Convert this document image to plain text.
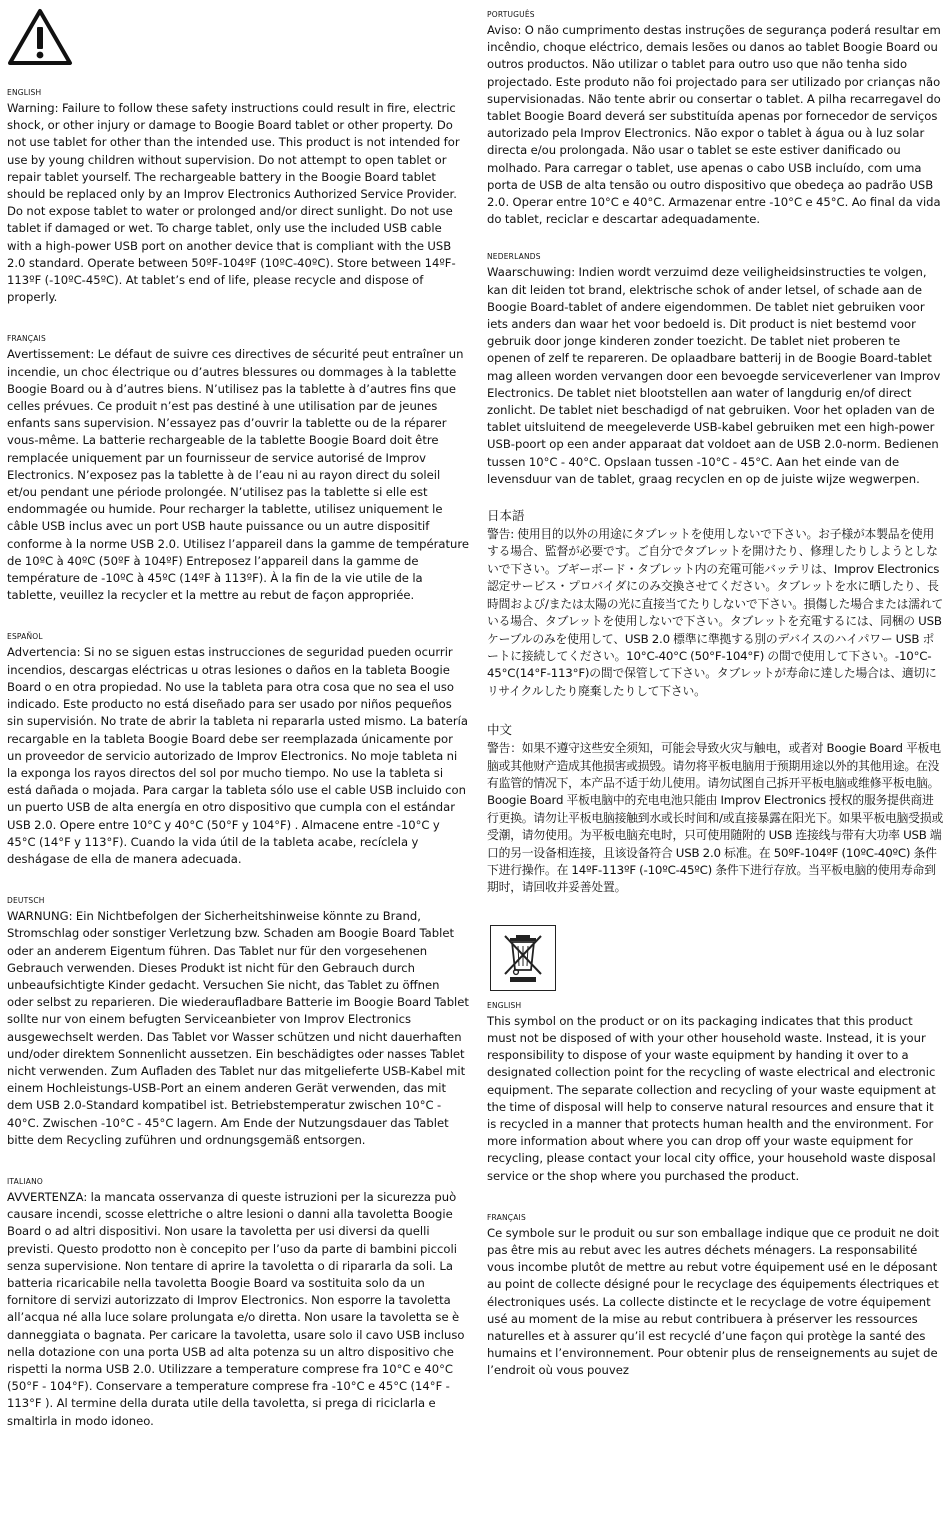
ENGLISH

Warning: Failure to follow these safety instructions could result in fire, electric shock, or other injury or damage to Boogie Board tablet or other property. Do not use tablet for other than the intended use. This product is not intended for use by young children without supervision. Do not attempt to open tablet or repair tablet yourself. The rechargeable battery in the Boogie Board tablet should be replaced only by an Improv Electronics Authorized Service Provider. Do not expose tablet to water or prolonged and/or direct sunlight. Do not use tablet if damaged or wet. To charge tablet, only use the included USB cable with a high-power USB port on another device that is compliant with the USB 2.0 standard. Operate between 50ºF-104ºF (10ºC-40ºC). Store between 14ºF-113ºF (-10ºC-45ºC). At tablet’s end of life, please recycle and dispose of properly.

FRANÇAIS

Avertissement: Le défaut de suivre ces directives de sécurité peut entraîner un incendie, un choc électrique ou d’autres blessures ou dommages à la tablette Boogie Board ou à d’autres biens. N’utilisez pas la tablette à d’autres fins que celles prévues. Ce produit n’est pas destiné à une utilisation par de jeunes enfants sans supervision. N’essayez pas d’ouvrir la tablette ou de la réparer vous-même. La batterie rechargeable de la tablette Boogie Board doit être remplacée uniquement par un fournisseur de service autorisé de Improv Electronics. N’exposez pas la tablette à de l’eau ni au rayon direct du soleil et/ou pendant une période prolongée. N’utilisez pas la tablette si elle est endommagée ou humide. Pour recharger la tablette, utilisez uniquement le câble USB inclus avec un port USB haute puissance ou un autre dispositif conforme à la norme USB 2.0. Utilisez l’appareil dans la gamme de température de 10ºC à 40ºC (50ºF à 104ºF) Entreposez l’appareil dans la gamme de température de -10ºC à 45ºC (14ºF à 113ºF). À la fin de la vie utile de la tablette, veuillez la recycler et la mettre au rebut de façon appropriée.

ESPAÑOL

Advertencia: Si no se siguen estas instrucciones de seguridad pueden ocurrir incendios, descargas eléctricas u otras lesiones o daños en la tableta Boogie Board o en otra propiedad. No use la tableta para otra cosa que no sea el uso indicado. Este producto no está diseñado para ser usado por niños pequeños sin supervisión. No trate de abrir la tableta ni repararla usted mismo. La batería recargable en la tableta Boogie Board debe ser reemplazada únicamente por un proveedor de servicio autorizado de Improv Electronics. No moje tableta ni la exponga los rayos directos del sol por mucho tiempo. No use la tableta si está dañada o mojada. Para cargar la tableta sólo use el cable USB incluido con un puerto USB de alta energía en otro dispositivo que cumpla con el estándar USB 2.0. Opere entre 10°C y 40°C (50°F y 104°F) . Almacene entre -10°C y 45°C (14°F y 113°F). Cuando la vida útil de la tableta acabe, recíclela y deshágase de ella de manera adecuada.

DEUTSCH

WARNUNG: Ein Nichtbefolgen der Sicherheitshinweise könnte zu Brand, Stromschlag oder sonstiger Verletzung bzw. Schaden am Boogie Board Tablet oder an anderem Eigentum führen. Das Tablet nur für den vorgesehenen Gebrauch verwenden. Dieses Produkt ist nicht für den Gebrauch durch unbeaufsichtigte Kinder gedacht. Versuchen Sie nicht, das Tablet zu öffnen oder selbst zu reparieren. Die wiederaufladbare Batterie im Boogie Board Tablet sollte nur von einem befugten Serviceanbieter von Improv Electronics ausgewechselt werden. Das Tablet vor Wasser schützen und nicht dauerhaften und/oder direktem Sonnenlicht aussetzen. Ein beschädigtes oder nasses Tablet nicht verwenden. Zum Aufladen des Tablet nur das mitgelieferte USB-Kabel mit einem Hochleistungs-USB-Port an einem anderen Gerät verwenden, das mit dem USB 2.0-Standard kompatibel ist. Betriebstemperatur zwischen 10°C - 40°C. Zwischen -10°C - 45°C lagern. Am Ende der Nutzungsdauer das Tablet bitte dem Recycling zuführen und ordnungsgemäß entsorgen.

ITALIANO

AVVERTENZA: la mancata osservanza di queste istruzioni per la sicurezza può causare incendi, scosse elettriche o altre lesioni o danni alla tavoletta Boogie Board o ad altri dispositivi. Non usare la tavoletta per usi diversi da quelli previsti. Questo prodotto non è concepito per l’uso da parte di bambini piccoli senza supervisione. Non tentare di aprire la tavoletta o di ripararla da soli. La batteria ricaricabile nella tavoletta Boogie Board va sostituita solo da un fornitore di servizi autorizzato di Improv Electronics. Non esporre la tavoletta all’acqua né alla luce solare prolungata e/o diretta. Non usare la tavoletta se è danneggiata o bagnata. Per caricare la tavoletta, usare solo il cavo USB incluso nella dotazione con una porta USB ad alta potenza su un altro dispositivo che rispetti la norma USB 2.0. Utilizzare a temperature comprese fra 10°C e 40°C (50°F - 104°F). Conservare a temperature comprese fra -10°C e 45°C (14°F - 113°F ). Al termine della durata utile della tavoletta, si prega di riciclarla e smaltirla in modo idoneo.

PORTUGUÊS

Aviso: O não cumprimento destas instruções de segurança poderá resultar em incêndio, choque eléctrico, demais lesões ou danos ao tablet Boogie Board ou outros productos. Não utilizar o tablet para outro uso que não tenha sido projectado. Este produto não foi projectado para ser utilizado por crianças não supervisionadas. Não tente abrir ou consertar o tablet. A pilha recarregavel do tablet Boogie Board deverá ser substituída apenas por fornecedor de serviços autorizado pela Improv Electronics. Não expor o tablet à água ou à luz solar directa e/ou prolongada. Não usar o tablet se este estiver danificado ou molhado. Para carregar o tablet, use apenas o cabo USB incluído, com uma porta de USB de alta tensão ou outro dispositivo que obedeça ao padrão USB 2.0. Operar entre 10°C e 40°C. Armazenar entre -10°C e 45°C. Ao final da vida do tablet, reciclar e descartar adequadamente.

NEDERLANDS

Waarschuwing: Indien wordt verzuimd deze veiligheidsinstructies te volgen, kan dit leiden tot brand, elektrische schok of ander letsel, of schade aan de Boogie Board-tablet of andere eigendommen. De tablet niet gebruiken voor iets anders dan waar het voor bedoeld is. Dit product is niet bestemd voor gebruik door jonge kinderen zonder toezicht. De tablet niet proberen te openen of zelf te repareren. De oplaadbare batterij in de Boogie Board-tablet mag alleen worden vervangen door een bevoegde serviceverlener van Improv Electronics. De tablet niet blootstellen aan water of langdurig en/of direct zonlicht. De tablet niet beschadigd of nat gebruiken. Voor het opladen van de tablet uitsluitend de meegeleverde USB-kabel gebruiken met een high-power USB-poort op een ander apparaat dat voldoet aan de USB 2.0-norm. Bedienen tussen 10°C - 40°C. Opslaan tussen -10°C - 45°C. Aan het einde van de levensduur van de tablet, graag recyclen en op de juiste wijze wegwerpen.

日本語

警告: 使用目的以外の用途にタブレットを使用しないで下さい。お子様が本製品を使用する場合、監督が必要です。ご自分でタブレットを開けたり、修理したりしようとしないで下さい。ブギーボード・タブレット内の充電可能バッテリは、Improv Electronics 認定サービス・プロバイダにのみ交換させてください。タブレットを水に晒したり、長時間および/または太陽の光に直接当てたりしないで下さい。損傷した場合または濡れている場合、タブレットを使用しないで下さい。タブレットを充電するには、同梱の USB ケーブルのみを使用して、USB 2.0 標準に準拠する別のデバイスのハイパワー USB ポートに接続してください。10°C-40°C (50°F-104°F) の間で使用して下さい。-10°C-45°C(14°F-113°F)の間で保管して下さい。タブレットが寿命に達した場合は、適切にリサイクルしたり廃棄したりして下さい。

中文

警告：如果不遵守这些安全须知，可能会导致火灾与触电，或者对 Boogie Board 平板电脑或其他财产造成其他损害或损毁。请勿将平板电脑用于预期用途以外的其他用途。在没有监管的情况下，本产品不适于幼儿使用。请勿试图自己拆开平板电脑或维修平板电脑。Boogie Board 平板电脑中的充电电池只能由 Improv Electronics 授权的服务提供商进行更换。请勿让平板电脑接触到水或长时间和/或直接暴露在阳光下。如果平板电脑受损或受潮，请勿使用。为平板电脑充电时，只可使用随附的 USB 连接线与带有大功率 USB 端口的另一设备相连接，且该设备符合 USB 2.0 标准。在 50ºF-104ºF (10ºC-40ºC) 条件下进行操作。在 14ºF-113ºF (-10ºC-45ºC) 条件下进行存放。当平板电脑的使用寿命到期时，请回收并妥善处置。

ENGLISH

This symbol on the product or on its packaging indicates that this product must not be disposed of with your other household waste. Instead, it is your responsibility to dispose of your waste equipment by handing it over to a designated collection point for the recycling of waste electrical and electronic equipment. The separate collection and recycling of your waste equipment at the time of disposal will help to conserve natural resources and ensure that it is recycled in a manner that protects human health and the environment. For more information about where you can drop off your waste equipment for recycling, please contact your local city office, your household waste disposal service or the shop where you purchased the product.

FRANÇAIS

Ce symbole sur le produit ou sur son emballage indique que ce produit ne doit pas être mis au rebut avec les autres déchets ménagers. La responsabilité vous incombe plutôt de mettre au rebut votre équipement usé en le déposant au point de collecte désigné pour le recyclage des équipements électriques et électroniques usés. La collecte distincte et le recyclage de votre équipement usé au moment de la mise au rebut contribuera à préserver les ressources naturelles et à assurer qu’il est recyclé d’une façon qui protège la santé des humains et l’environnement. Pour obtenir plus de renseignements au sujet de l’endroit où vous pouvez
